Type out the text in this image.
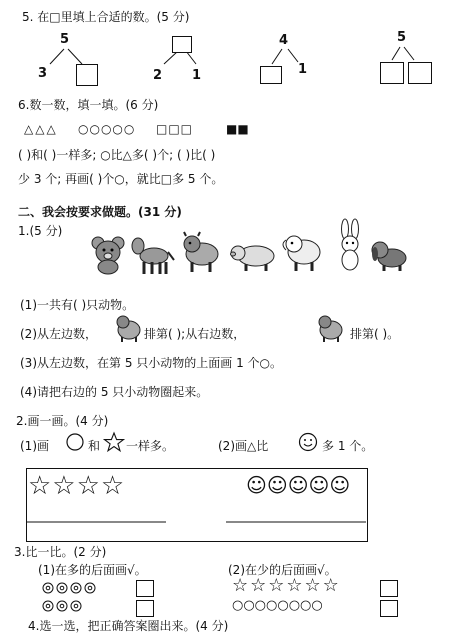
5. 在□里填上合适的数。(5 分)
5
3	2 1
4
1
5
6.数一数，填一填。(6 分)
△△△ ○○○○○ □□□	■■
( )和( )一样多; ○比△多( )个; ( )比( )
少 3 个; 再画( )个○，就比□多 5 个。
二、我会按要求做题。(31 分)
1.(5 分)
(1)一共有( )只动物。
(2)从左边数，	排第( );从右边数，	排第( )。
(3)从左边数，在第 5 只小动物的上面画 1 个○。
(4)请把右边的 5 只小动物圈起来。
2.画一画。(4 分)
(1)画	和 一样多。	(2)画△比	多 1 个。
☆☆☆☆	☺☺☺☺☺
3.比一比。(2 分)
(1)在多的后面画√。	(2)在少的后面画√。
☆☆☆☆☆☆
○○○○○○○○
4.选一选，把正确答案圈出来。(4 分)
